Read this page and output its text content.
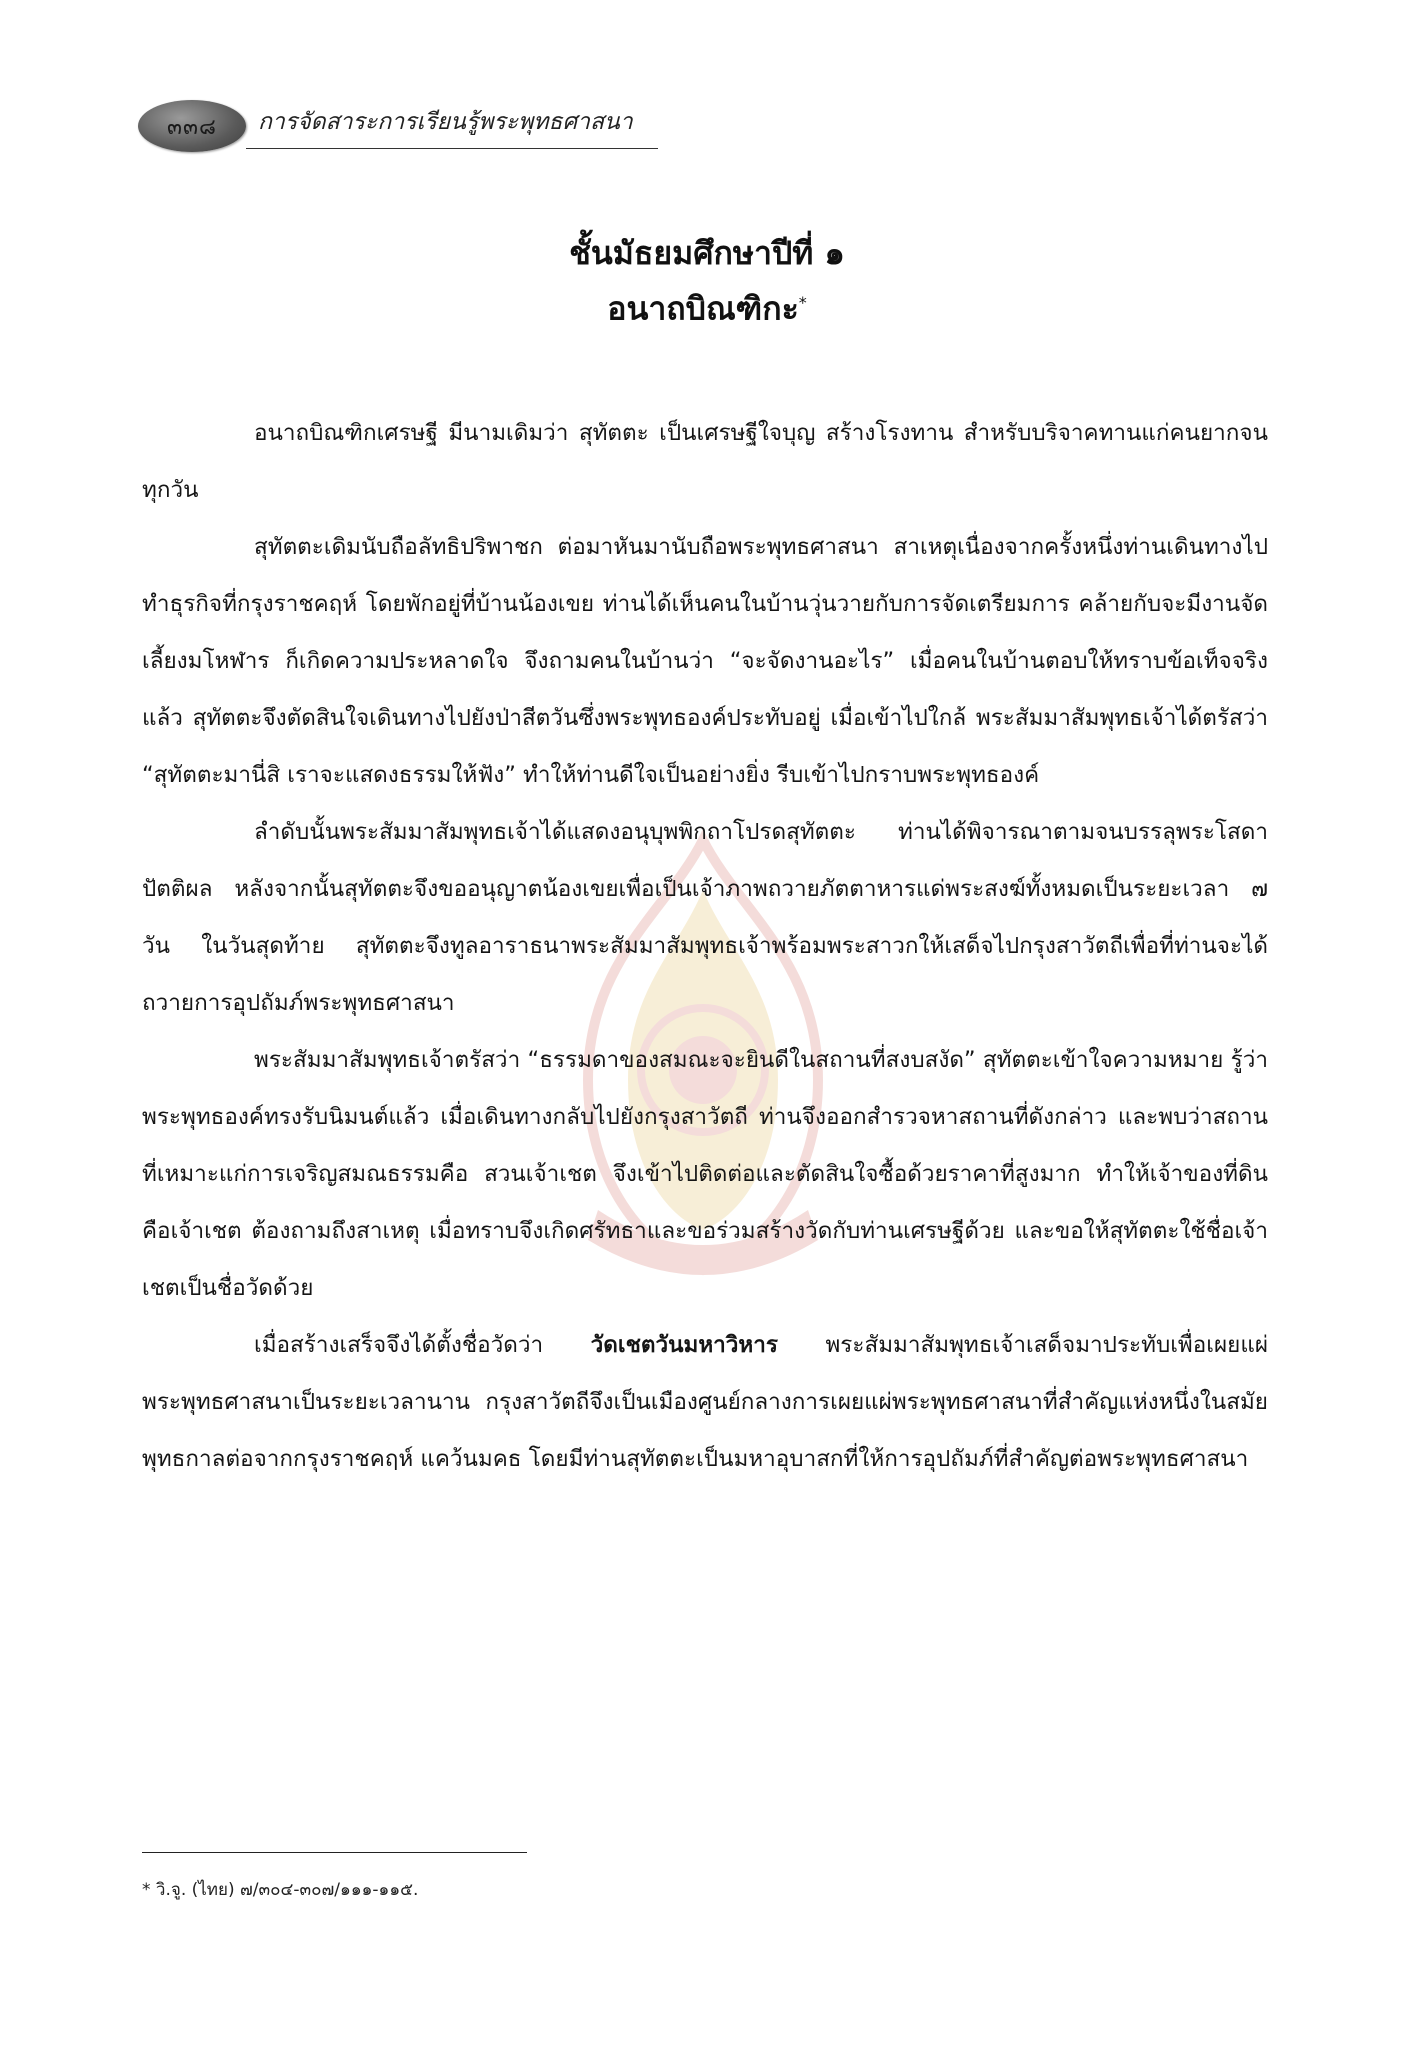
๓๓๘ การจัดสาระการเรียนรู้พระพุทธศาสนา
ชั้นมัธยมศึกษาปีที่ ๑
อนาถบิณฑิกะ*

อนาถบิณฑิกเศรษฐี มีนามเดิมว่า สุทัตตะ เป็นเศรษฐีใจบุญ สร้างโรงทาน สำหรับบริจาคทานแก่คนยากจนทุกวัน

สุทัตตะเดิมนับถือลัทธิปริพาชก ต่อมาหันมานับถือพระพุทธศาสนา สาเหตุเนื่องจากครั้งหนึ่งท่านเดินทางไปทำธุรกิจที่กรุงราชคฤห์ โดยพักอยู่ที่บ้านน้องเขย ท่านได้เห็นคนในบ้านวุ่นวายกับการจัดเตรียมการ คล้ายกับจะมีงานจัดเลี้ยงมโหฬาร ก็เกิดความประหลาดใจ จึงถามคนในบ้านว่า “จะจัดงานอะไร” เมื่อคนในบ้านตอบให้ทราบข้อเท็จจริงแล้ว สุทัตตะจึงตัดสินใจเดินทางไปยังป่าสีตวันซึ่งพระพุทธองค์ประทับอยู่ เมื่อเข้าไปใกล้ พระสัมมาสัมพุทธเจ้าได้ตรัสว่า “สุทัตตะมานี่สิ เราจะแสดงธรรมให้ฟัง” ทำให้ท่านดีใจเป็นอย่างยิ่ง รีบเข้าไปกราบพระพุทธองค์

ลำดับนั้นพระสัมมาสัมพุทธเจ้าได้แสดงอนุบุพพิกถาโปรดสุทัตตะ ท่านได้พิจารณาตามจนบรรลุพระโสดาปัตติผล หลังจากนั้นสุทัตตะจึงขออนุญาตน้องเขยเพื่อเป็นเจ้าภาพถวายภัตตาหารแด่พระสงฆ์ทั้งหมดเป็นระยะเวลา ๗ วัน ในวันสุดท้าย สุทัตตะจึงทูลอาราธนาพระสัมมาสัมพุทธเจ้าพร้อมพระสาวกให้เสด็จไปกรุงสาวัตถีเพื่อที่ท่านจะได้ถวายการอุปถัมภ์พระพุทธศาสนา

พระสัมมาสัมพุทธเจ้าตรัสว่า “ธรรมดาของสมณะจะยินดีในสถานที่สงบสงัด” สุทัตตะเข้าใจความหมาย รู้ว่าพระพุทธองค์ทรงรับนิมนต์แล้ว เมื่อเดินทางกลับไปยังกรุงสาวัตถี ท่านจึงออกสำรวจหาสถานที่ดังกล่าว และพบว่าสถานที่เหมาะแก่การเจริญสมณธรรมคือ สวนเจ้าเชต จึงเข้าไปติดต่อและตัดสินใจซื้อด้วยราคาที่สูงมาก ทำให้เจ้าของที่ดินคือเจ้าเชต ต้องถามถึงสาเหตุ เมื่อทราบจึงเกิดศรัทธาและขอร่วมสร้างวัดกับท่านเศรษฐีด้วย และขอให้สุทัตตะใช้ชื่อเจ้าเชตเป็นชื่อวัดด้วย

เมื่อสร้างเสร็จจึงได้ตั้งชื่อวัดว่า วัดเชตวันมหาวิหาร พระสัมมาสัมพุทธเจ้าเสด็จมาประทับเพื่อเผยแผ่พระพุทธศาสนาเป็นระยะเวลานาน กรุงสาวัตถีจึงเป็นเมืองศูนย์กลางการเผยแผ่พระพุทธศาสนาที่สำคัญแห่งหนึ่งในสมัยพุทธกาลต่อจากกรุงราชคฤห์ แคว้นมคธ โดยมีท่านสุทัตตะเป็นมหาอุบาสกที่ให้การอุปถัมภ์ที่สำคัญต่อพระพุทธศาสนา

* วิ.จู. (ไทย) ๗/๓๐๔-๓๐๗/๑๑๑-๑๑๕.
